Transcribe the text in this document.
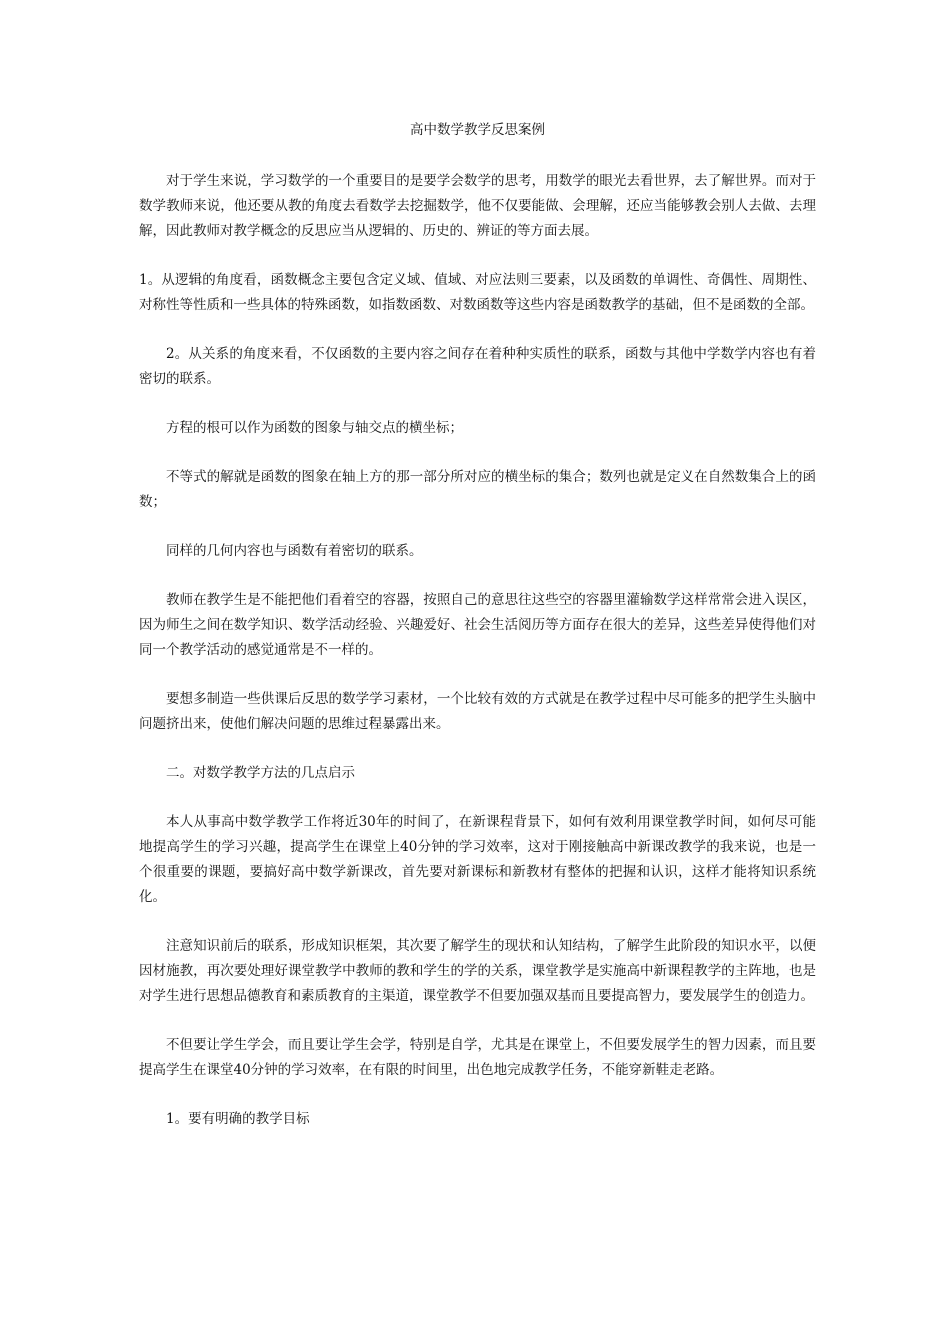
高中数学教学反思案例

对于学生来说，学习数学的一个重要目的是要学会数学的思考，用数学的眼光去看世界，去了解世界。而对于数学教师来说，他还要从教的角度去看数学去挖掘数学，他不仅要能做、会理解，还应当能够教会别人去做、去理解，因此教师对教学概念的反思应当从逻辑的、历史的、辨证的等方面去展。

1。从逻辑的角度看，函数概念主要包含定义域、值域、对应法则三要素，以及函数的单调性、奇偶性、周期性、对称性等性质和一些具体的特殊函数，如指数函数、对数函数等这些内容是函数教学的基础，但不是函数的全部。

2。从关系的角度来看，不仅函数的主要内容之间存在着种种实质性的联系，函数与其他中学数学内容也有着密切的联系。

方程的根可以作为函数的图象与轴交点的横坐标；

不等式的解就是函数的图象在轴上方的那一部分所对应的横坐标的集合；数列也就是定义在自然数集合上的函数；

同样的几何内容也与函数有着密切的联系。

教师在教学生是不能把他们看着空的容器，按照自己的意思往这些空的容器里灌输数学这样常常会进入误区，因为师生之间在数学知识、数学活动经验、兴趣爱好、社会生活阅历等方面存在很大的差异，这些差异使得他们对同一个教学活动的感觉通常是不一样的。

要想多制造一些供课后反思的数学学习素材，一个比较有效的方式就是在教学过程中尽可能多的把学生头脑中问题挤出来，使他们解决问题的思维过程暴露出来。

二。对数学教学方法的几点启示

本人从事高中数学教学工作将近30年的时间了，在新课程背景下，如何有效利用课堂教学时间，如何尽可能地提高学生的学习兴趣，提高学生在课堂上40分钟的学习效率，这对于刚接触高中新课改教学的我来说，也是一个很重要的课题，要搞好高中数学新课改，首先要对新课标和新教材有整体的把握和认识，这样才能将知识系统化。

注意知识前后的联系，形成知识框架，其次要了解学生的现状和认知结构，了解学生此阶段的知识水平，以便因材施教，再次要处理好课堂教学中教师的教和学生的学的关系，课堂教学是实施高中新课程教学的主阵地，也是对学生进行思想品德教育和素质教育的主渠道，课堂教学不但要加强双基而且要提高智力，要发展学生的创造力。

不但要让学生学会，而且要让学生会学，特别是自学，尤其是在课堂上，不但要发展学生的智力因素，而且要提高学生在课堂40分钟的学习效率，在有限的时间里，出色地完成教学任务，不能穿新鞋走老路。

1。要有明确的教学目标
